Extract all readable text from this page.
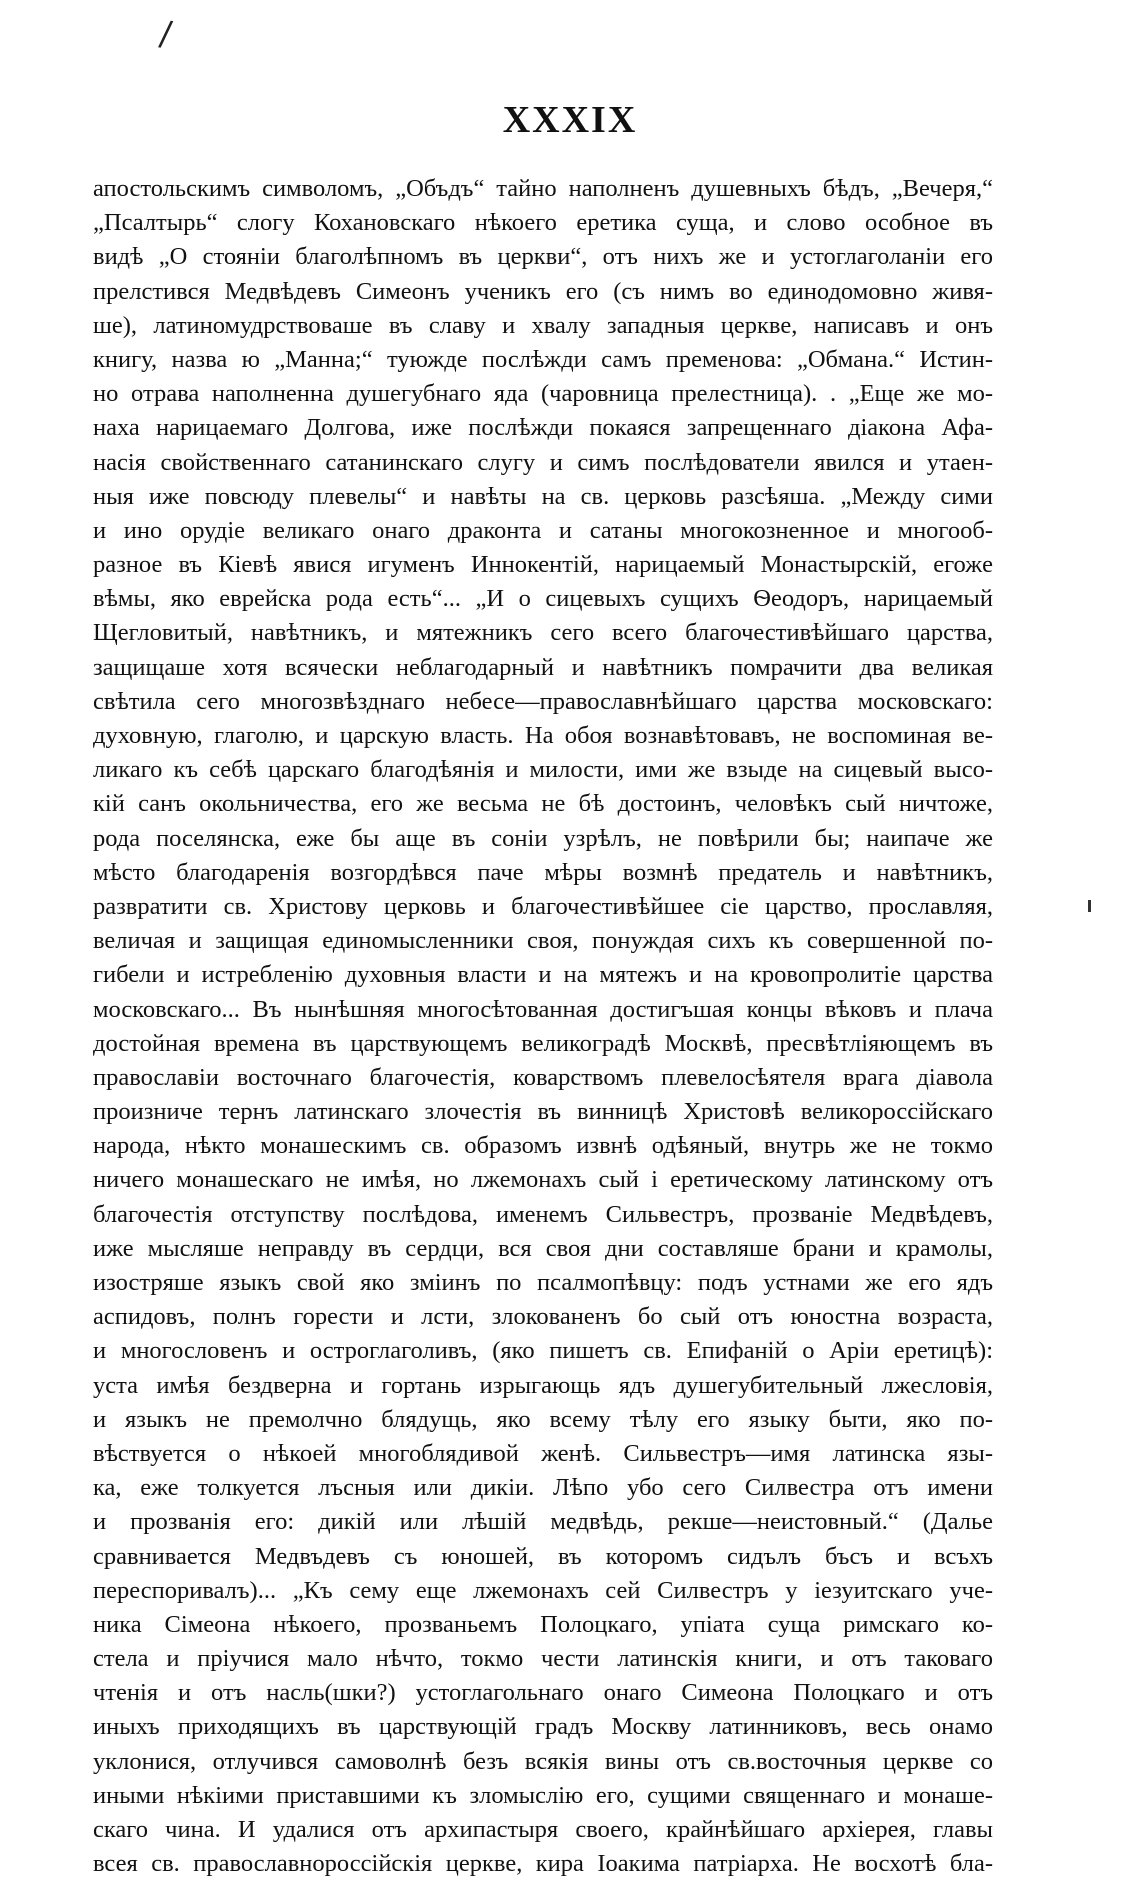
/
XXXIX
апостольскимъ символомъ, „Объдъ“ тайно наполненъ душевныхъ бѣдъ, „Вечеря,“
„Псалтырь“ слогу Кохановскаго нѣкоего еретика суща, и слово особное въ
видѣ „О стояніи благолѣпномъ въ церкви“, отъ нихъ же и устоглаголаніи его
прелстився Медвѣдевъ Симеонъ ученикъ его (съ нимъ во единодомовно живя-
ше), латиномудрствоваше въ славу и хвалу западныя церкве, написавъ и онъ
книгу, назва ю „Манна;“ туюжде послѣжди самъ пременова: „Обмана.“ Истин-
но отрава наполненна душегубнаго яда (чаровница прелестница). . „Еще же мо-
наха нарицаемаго Долгова, иже послѣжди покаяся запрещеннаго діакона Афа-
насія свойственнаго сатанинскаго слугу и симъ послѣдователи явился и утаен-
ныя иже повсюду плевелы“ и навѣты на св. церковь разсѣяша. „Между сими
и ино орудіе великаго онаго драконта и сатаны многокозненное и многооб-
разное въ Кіевѣ явися игуменъ Иннокентій, нарицаемый Монастырскій, егожe
вѣмы, яко еврейска рода есть“... „И о сицевыхъ сущихъ Ѳеодоръ, нарицаемый
Щегловитый, навѣтникъ, и мятежникъ сего всего благочестивѣйшаго царства,
защищаше хотя всячески неблагодарный и навѣтникъ помрачити два великая
свѣтила сего многозвѣзднаго небесе—православнѣйшаго царства московскаго:
духовную, глаголю, и царскую власть. На обоя вознавѣтовавъ, не воспоминая ве-
ликаго къ себѣ царскаго благодѣянія и милости, ими же взыде на сицевый высо-
кій санъ окольничества, его же весьма не бѣ достоинъ, человѣкъ сый ничтоже,
рода поселянска, еже бы аще въ соніи узрѣлъ, не повѣрили бы; наипаче же
мѣсто благодаренія возгордѣвся паче мѣры возмнѣ предатель и навѣтникъ,
развратити св. Христову церковь и благочестивѣйшее сіе царство, прославляя,
величая и защищая единомысленники своя, понуждая сихъ къ совершенной по-
гибели и истребленію духовныя власти и на мятежъ и на кровопролитіе царства
московскаго... Въ нынѣшняя многосѣтованная достигъшая концы вѣковъ и плача
достойная времена въ царствующемъ великоградѣ Москвѣ, пресвѣтліяющемъ въ
православіи восточнаго благочестія, коварствомъ плевелосѣятеля врага діавола
произниче тернъ латинскаго злочестія въ винницѣ Христовѣ великороссійскаго
народа, нѣкто монашескимъ св. образомъ извнѣ одѣяный, внутрь же не токмо
ничего монашескаго не имѣя, но лжемонахъ сый і еретическому латинскому отъ
благочестія отступству послѣдова, именемъ Сильвестръ, прозваніе Медвѣдевъ,
иже мысляше неправду въ сердци, вся своя дни составляше брани и крамолы,
изостряше языкъ свой яко зміинъ по псалмопѣвцу: подъ устнами же его ядъ
аспидовъ, полнъ горести и лсти, злокованенъ бо сый отъ юностна возраста,
и многословенъ и остроглаголивъ, (яко пишетъ св. Епифаній о Аріи еретицѣ):
уста имѣя бездверна и гортань изрыгающь ядъ душегубительный лжесловія,
и языкъ не премолчно блядущь, яко всему тѣлу его языку быти, яко по-
вѣствуется о нѣкоей многоблядивой женѣ. Сильвестръ—имя латинска язы-
ка, еже толкуется лъсныя или дикіи. Лѣпо убо сего Силвестра отъ имени
и прозванія его: дикій или лѣшій медвѣдь, рекше—неистовный.“ (Далье
сравнивается Медвъдевъ съ юношей, въ которомъ сидълъ бъсъ и всъхъ
переспоривалъ)... „Къ сему еще лжемонахъ сей Силвестръ у іезуитскаго уче-
ника Сімеона нѣкоего, прозваньемъ Полоцкаго, упіата суща римскаго ко-
стела и пріучися мало нѣчто, токмо чести латинскія книги, и отъ таковаго
чтенія и отъ насль(шки?) устоглагольнаго онаго Симеона Полоцкаго и отъ
иныхъ приходящихъ въ царствующій градъ Москву латинниковъ, весь онамо
уклонися, отлучився самоволнѣ безъ всякія вины отъ св.восточныя церкве со
иными нѣкіими приставшими къ зломыслію его, сущими священнаго и монаше-
скаго чина. И удалися отъ архипастыря своего, крайнѣйшаго архіерея, главы
всея св. православнороссійскія церкве, кира Іоакима патріарха. Не восхотѣ бла-
